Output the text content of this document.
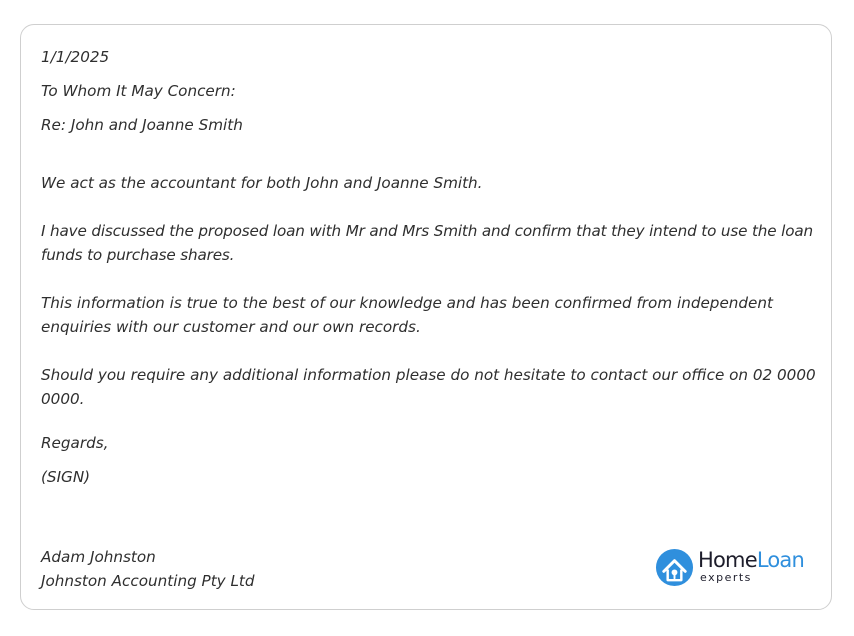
1/1/2025

To Whom It May Concern:

Re: John and Joanne Smith

We act as the accountant for both John and Joanne Smith.

I have discussed the proposed loan with Mr and Mrs Smith and confirm that they intend to use the loan funds to purchase shares.

This information is true to the best of our knowledge and has been confirmed from independent enquiries with our customer and our own records.

Should you require any additional information please do not hesitate to contact our office on 02 0000 0000.

Regards,

(SIGN)

Adam Johnston

Johnston Accounting Pty Ltd

HomeLoan
experts
